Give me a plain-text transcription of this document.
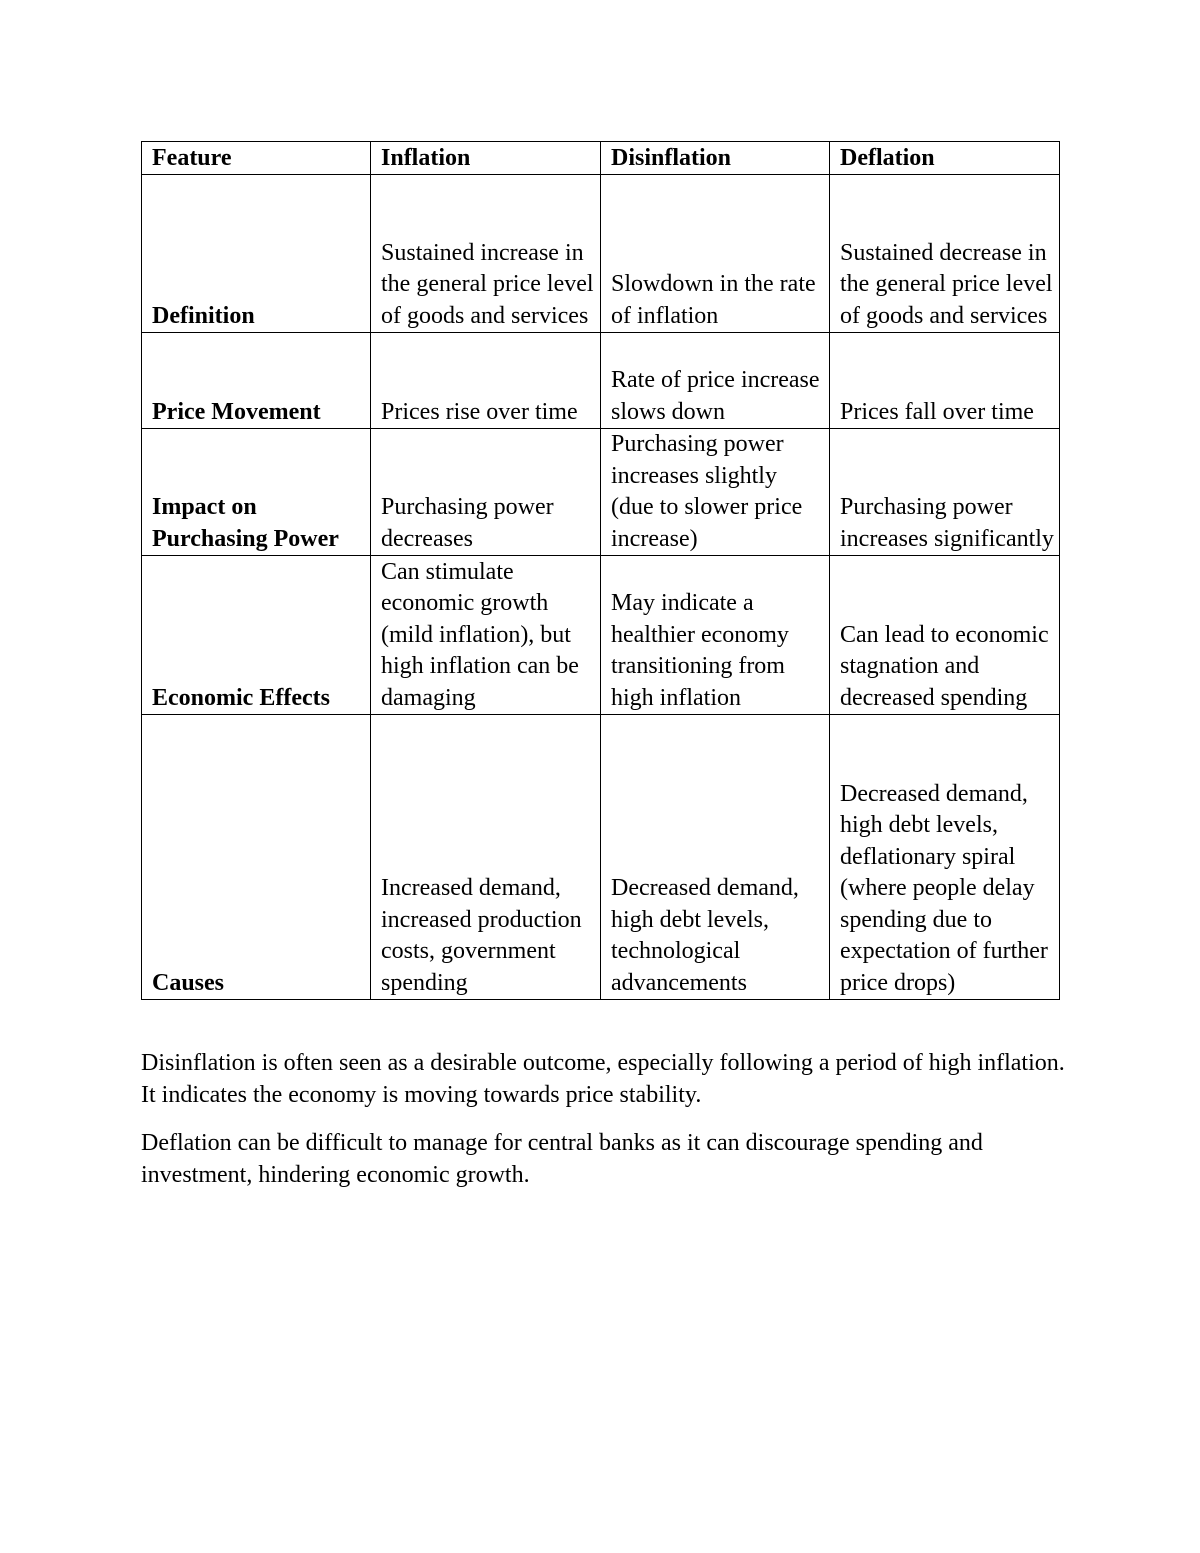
Feature	Inflation	Disinflation	Deflation
Definition	Sustained increase in the general price level of goods and services	Slowdown in the rate of inflation	Sustained decrease in the general price level of goods and services
Price Movement	Prices rise over time	Rate of price increase slows down	Prices fall over time
Impact on Purchasing Power	Purchasing power decreases	Purchasing power increases slightly (due to slower price increase)	Purchasing power increases significantly
Economic Effects	Can stimulate economic growth (mild inflation), but high inflation can be damaging	May indicate a healthier economy transitioning from high inflation	Can lead to economic stagnation and decreased spending
Causes	Increased demand, increased production costs, government spending	Decreased demand, high debt levels, technological advancements	Decreased demand, high debt levels, deflationary spiral (where people delay spending due to expectation of further price drops)

Disinflation is often seen as a desirable outcome, especially following a period of high inflation. It indicates the economy is moving towards price stability.

Deflation can be difficult to manage for central banks as it can discourage spending and investment, hindering economic growth.
